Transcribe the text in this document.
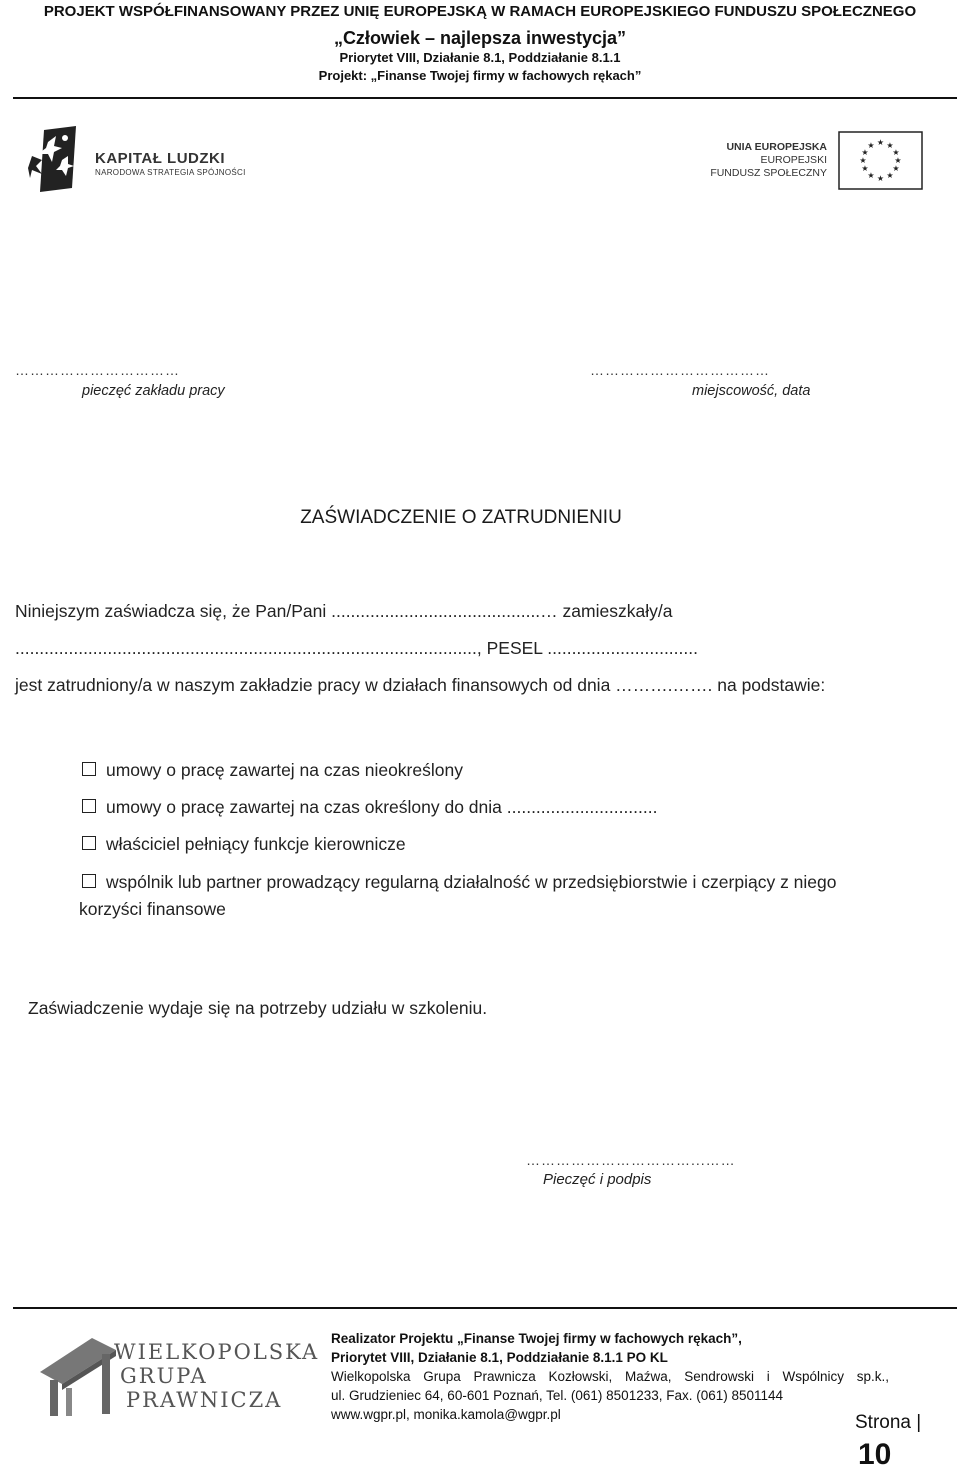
PROJEKT WSPÓŁFINANSOWANY PRZEZ UNIĘ EUROPEJSKĄ W RAMACH EUROPEJSKIEGO FUNDUSZU SPOŁECZNEGO
„Człowiek – najlepsza inwestycja”
Priorytet VIII, Działanie 8.1, Poddziałanie 8.1.1
Projekt: „Finanse Twojej firmy w fachowych rękach”
KAPITAŁ LUDZKI
NARODOWA STRATEGIA SPÓJNOŚCI
UNIA EUROPEJSKA
EUROPEJSKI
FUNDUSZ SPOŁECZNY
★ ★
★
★
★
★
★
★
★
★
★
★
……………………………
pieczęć zakładu pracy
………………………………
miejscowość, data
ZAŚWIADCZENIE O ZATRUDNIENIU
Niniejszym zaświadcza się, że Pan/Pani ...........................................… zamieszkały/a
..............................................................................................., PESEL ...............................
jest zatrudniony/a w naszym zakładzie pracy w działach finansowych od dnia ……….……. na podstawie:
umowy o pracę zawartej na czas nieokreślony
umowy o pracę zawartej na czas określony do dnia ...............................
właściciel pełniący funkcje kierownicze
wspólnik lub partner prowadzący regularną działalność w przedsiębiorstwie i czerpiący z niego
korzyści finansowe
Zaświadczenie wydaje się na potrzeby udziału w szkoleniu.
……………………………...……
Pieczęć i podpis
WIELKOPOLSKA
GRUPA
PRAWNICZA
Realizator Projektu „Finanse Twojej firmy w fachowych rękach”,
Priorytet VIII, Działanie 8.1, Poddziałanie 8.1.1 PO KL
Wielkopolska Grupa Prawnicza Kozłowski, Maźwa, Sendrowski i Wspólnicy sp.k.,
ul. Grudzieniec 64, 60-601 Poznań, Tel. (061) 8501233, Fax. (061) 8501144
www.wgpr.pl, monika.kamola@wgpr.pl	Strona |
10
